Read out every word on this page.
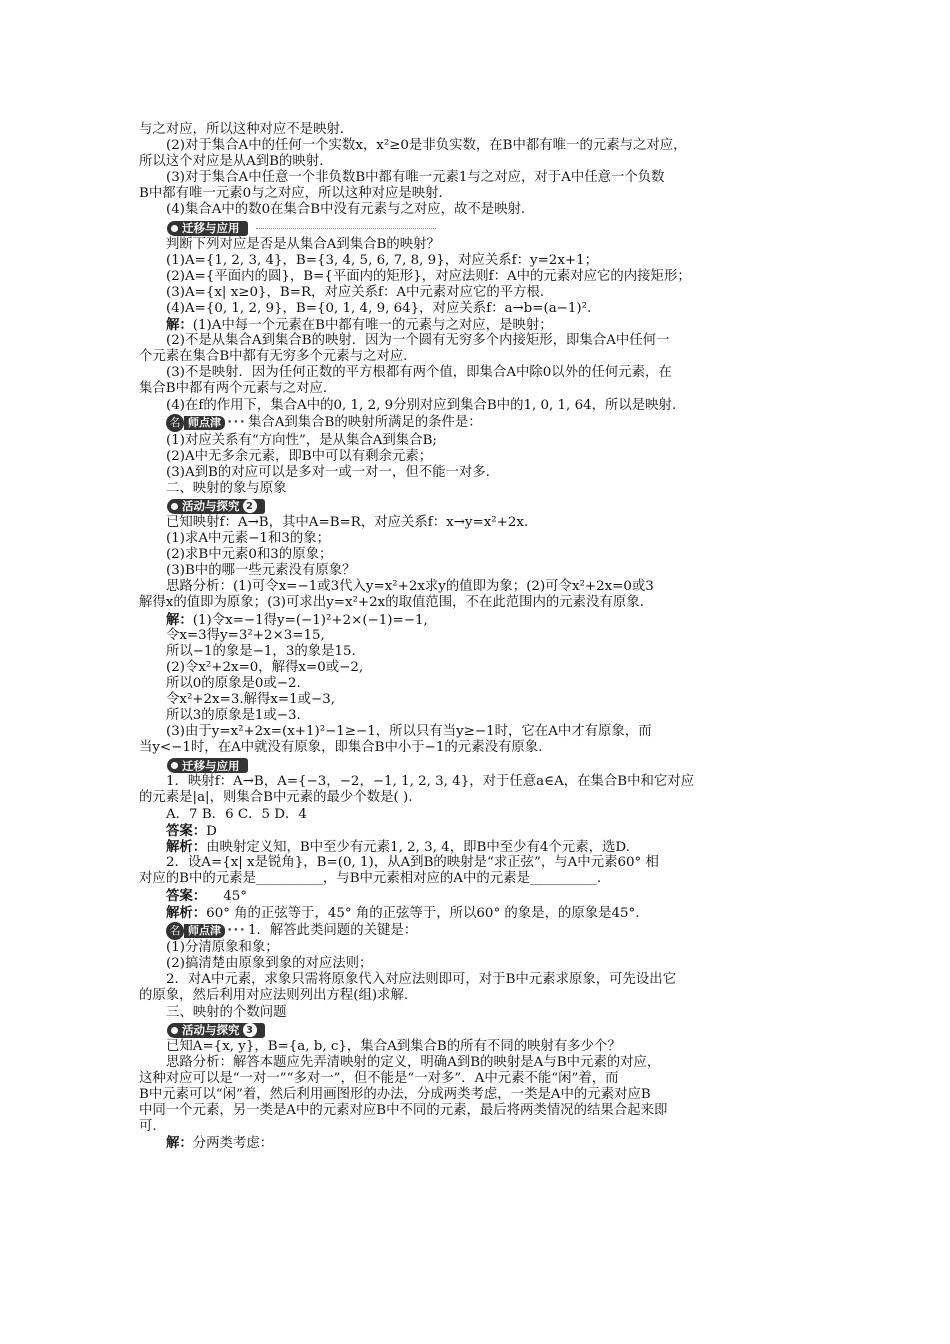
与之对应，所以这种对应不是映射．
(2)对于集合A中的任何一个实数x，x²≥0是非负实数，在B中都有唯一的元素与之对应，
所以这个对应是从A到B的映射．
(3)对于集合A中任意一个非负数B中都有唯一元素1与之对应，对于A中任意一个负数
B中都有唯一元素0与之对应，所以这种对应是映射．
(4)集合A中的数0在集合B中没有元素与之对应，故不是映射．
迁移与应用
判断下列对应是否是从集合A到集合B的映射？
(1)A={1, 2, 3, 4}，B={3, 4, 5, 6, 7, 8, 9}，对应关系f：y=2x+1；
(2)A={平面内的圆}，B={平面内的矩形}，对应法则f：A中的元素对应它的内接矩形；
(3)A={x| x≥0}，B=R，对应关系f：A中元素对应它的平方根．
(4)A={0, 1, 2, 9}，B={0, 1, 4, 9, 64}，对应关系f：a→b=(a−1)².
解：(1)A中每一个元素在B中都有唯一的元素与之对应，是映射；
(2)不是从集合A到集合B的映射．因为一个圆有无穷多个内接矩形，即集合A中任何一
个元素在集合B中都有无穷多个元素与之对应．
(3)不是映射．因为任何正数的平方根都有两个值，即集合A中除0以外的任何元素，在
集合B中都有两个元素与之对应．
(4)在f的作用下，集合A中的0, 1, 2, 9分别对应到集合B中的1, 0, 1, 64，所以是映射.
名 师点津 ••• 集合A到集合B的映射所满足的条件是：
(1)对应关系有“方向性”，是从集合A到集合B;
(2)A中无多余元素，即B中可以有剩余元素；
(3)A到B的对应可以是多对一或一对一，但不能一对多.
二、映射的象与原象
活动与探究 2
已知映射f：A→B，其中A=B=R，对应关系f：x→y=x²+2x.
(1)求A中元素−1和3的象；
(2)求B中元素0和3的原象；
(3)B中的哪一些元素没有原象？
思路分析：(1)可令x=−1或3代入y=x²+2x求y的值即为象；(2)可令x²+2x=0或3
解得x的值即为原象；(3)可求出y=x²+2x的取值范围，不在此范围内的元素没有原象.
解：(1)令x=−1得y=(−1)²+2×(−1)=−1,
令x=3得y=3²+2×3=15,
所以−1的象是−1，3的象是15.
(2)令x²+2x=0，解得x=0或−2,
所以0的原象是0或−2.
令x²+2x=3.解得x=1或−3,
所以3的原象是1或−3.
(3)由于y=x²+2x=(x+1)²−1≥−1，所以只有当y≥−1时，它在A中才有原象，而
当y<−1时，在A中就没有原象，即集合B中小于−1的元素没有原象.
迁移与应用
1．映射f：A→B，A={−3，−2，−1, 1, 2, 3, 4}，对于任意a∈A，在集合B中和它对应
的元素是|a|，则集合B中元素的最少个数是( ).
A．7 B．6 C．5 D．4
答案：D
解析：由映射定义知，B中至少有元素1, 2, 3, 4，即B中至少有4个元素，选D.
2．设A={x| x是锐角}，B=(0, 1)，从A到B的映射是“求正弦”，与A中元素60° 相
对应的B中的元素是__________，与B中元素相对应的A中的元素是__________.
答案：    45°
解析：60° 角的正弦等于，45° 角的正弦等于，所以60° 的象是，的原象是45°.
名 师点津 ••• 1．解答此类问题的关键是：
(1)分清原象和象；
(2)搞清楚由原象到象的对应法则；
2．对A中元素，求象只需将原象代入对应法则即可，对于B中元素求原象，可先设出它
的原象，然后利用对应法则列出方程(组)求解.
三、映射的个数问题
活动与探究 3
已知A={x, y}，B={a, b, c}，集合A到集合B的所有不同的映射有多少个？
思路分析：解答本题应先弄清映射的定义，明确A到B的映射是A与B中元素的对应，
这种对应可以是“一对一”“多对一”，但不能是“一对多”．A中元素不能“闲”着，而
B中元素可以“闲”着，然后利用画图形的办法，分成两类考虑，一类是A中的元素对应B
中同一个元素，另一类是A中的元素对应B中不同的元素，最后将两类情况的结果合起来即
可.
解：分两类考虑：
